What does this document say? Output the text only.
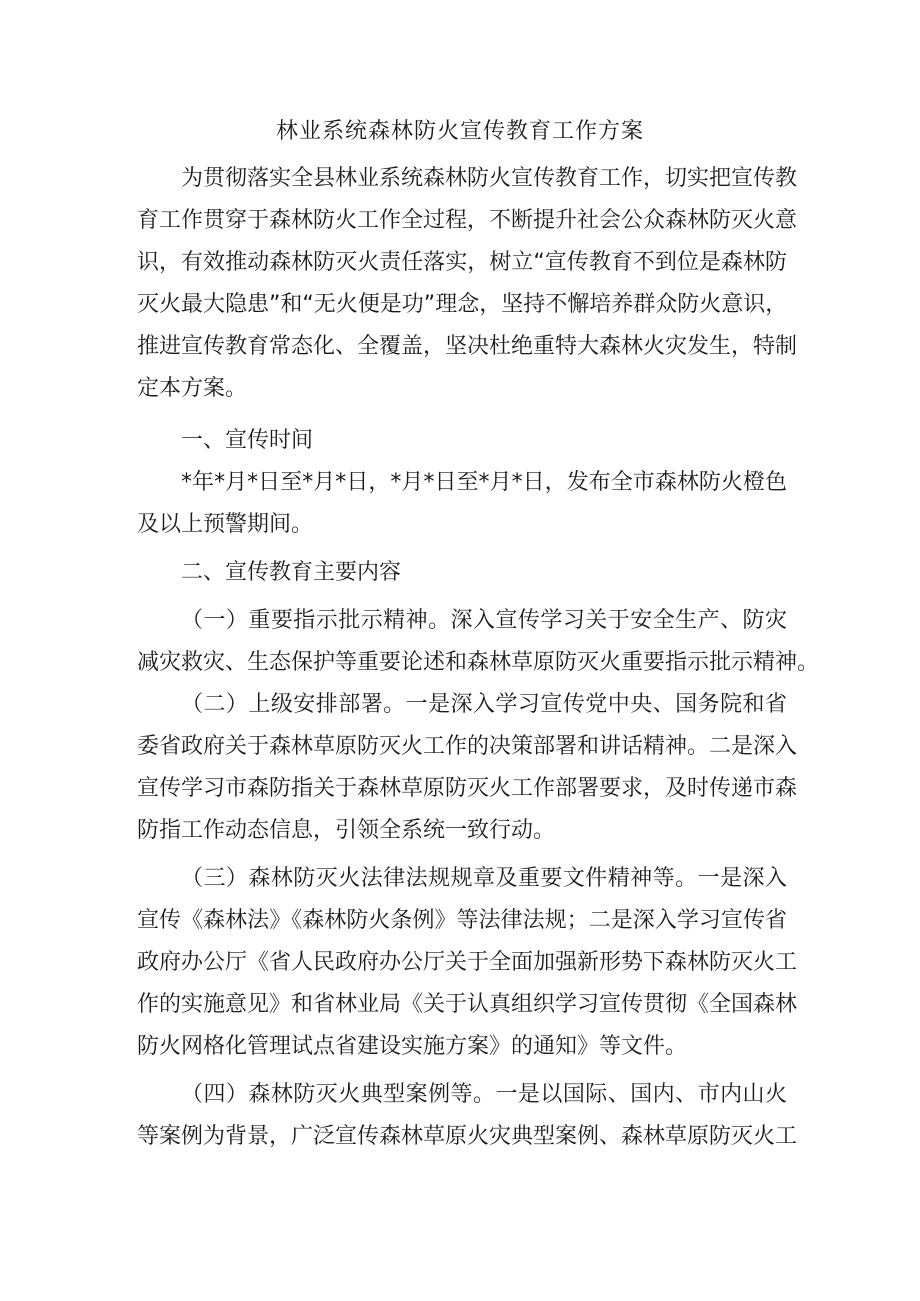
林业系统森林防火宣传教育工作方案
为贯彻落实全县林业系统森林防火宣传教育工作，切实把宣传教
育工作贯穿于森林防火工作全过程，不断提升社会公众森林防灭火意
识，有效推动森林防灭火责任落实，树立“宣传教育不到位是森林防
灭火最大隐患”和“无火便是功”理念，坚持不懈培养群众防火意识，
推进宣传教育常态化、全覆盖，坚决杜绝重特大森林火灾发生，特制
定本方案。
一、宣传时间
*年*月*日至*月*日，*月*日至*月*日，发布全市森林防火橙色
及以上预警期间。
二、宣传教育主要内容
（一）重要指示批示精神。深入宣传学习关于安全生产、防灾
减灾救灾、生态保护等重要论述和森林草原防灭火重要指示批示精神。
（二）上级安排部署。一是深入学习宣传党中央、国务院和省
委省政府关于森林草原防灭火工作的决策部署和讲话精神。二是深入
宣传学习市森防指关于森林草原防灭火工作部署要求，及时传递市森
防指工作动态信息，引领全系统一致行动。
（三）森林防灭火法律法规规章及重要文件精神等。一是深入
宣传《森林法》《森林防火条例》等法律法规；二是深入学习宣传省
政府办公厅《省人民政府办公厅关于全面加强新形势下森林防灭火工
作的实施意见》和省林业局《关于认真组织学习宣传贯彻《全国森林
防火网格化管理试点省建设实施方案》的通知》等文件。
（四）森林防灭火典型案例等。一是以国际、国内、市内山火
等案例为背景，广泛宣传森林草原火灾典型案例、森林草原防灭火工
